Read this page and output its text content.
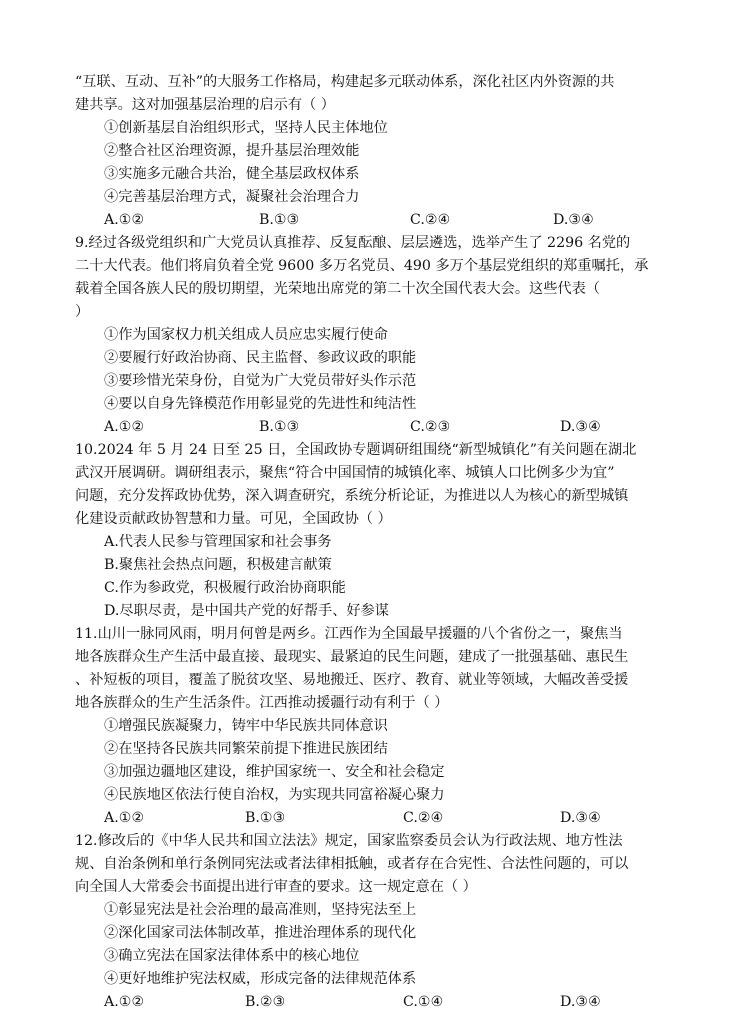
“互联、互动、互补”的大服务工作格局，构建起多元联动体系，深化社区内外资源的共
建共享。这对加强基层治理的启示有（ ）
①创新基层自治组织形式，坚持人民主体地位
②整合社区治理资源，提升基层治理效能
③实施多元融合共治，健全基层政权体系
④完善基层治理方式，凝聚社会治理合力
A.①②	B.①③	C.②④	D.③④
9.经过各级党组织和广大党员认真推荐、反复酝酿、层层遴选，选举产生了 2296 名党的
二十大代表。他们将肩负着全党 9600 多万名党员、490 多万个基层党组织的郑重嘱托，承
载着全国各族人民的殷切期望，光荣地出席党的第二十次全国代表大会。这些代表（
）
①作为国家权力机关组成人员应忠实履行使命
②要履行好政治协商、民主监督、参政议政的职能
③要珍惜光荣身份，自觉为广大党员带好头作示范
④要以自身先锋模范作用彰显党的先进性和纯洁性
A.①②	B.①③	C.②③	D.③④
10.2024 年 5 月 24 日至 25 日，全国政协专题调研组围绕“新型城镇化”有关问题在湖北
武汉开展调研。调研组表示，聚焦“符合中国国情的城镇化率、城镇人口比例多少为宜”
问题，充分发挥政协优势，深入调查研究，系统分析论证，为推进以人为核心的新型城镇
化建设贡献政协智慧和力量。可见，全国政协（ ）
A.代表人民参与管理国家和社会事务
B.聚焦社会热点问题，积极建言献策
C.作为参政党，积极履行政治协商职能
D.尽职尽责，是中国共产党的好帮手、好参谋
11.山川一脉同风雨，明月何曾是两乡。江西作为全国最早援疆的八个省份之一，聚焦当
地各族群众生产生活中最直接、最现实、最紧迫的民生问题，建成了一批强基础、惠民生
、补短板的项目，覆盖了脱贫攻坚、易地搬迁、医疗、教育、就业等领域，大幅改善受援
地各族群众的生产生活条件。江西推动援疆行动有利于（ ）
①增强民族凝聚力，铸牢中华民族共同体意识
②在坚持各民族共同繁荣前提下推进民族团结
③加强边疆地区建设，维护国家统一、安全和社会稳定
④民族地区依法行使自治权，为实现共同富裕凝心聚力
A.①②	B.①③	C.②④	D.③④
12.修改后的《中华人民共和国立法法》规定，国家监察委员会认为行政法规、地方性法
规、自治条例和单行条例同宪法或者法律相抵触，或者存在合宪性、合法性问题的，可以
向全国人大常委会书面提出进行审查的要求。这一规定意在（ ）
①彰显宪法是社会治理的最高准则，坚持宪法至上
②深化国家司法体制改革，推进治理体系的现代化
③确立宪法在国家法律体系中的核心地位
④更好地维护宪法权威，形成完备的法律规范体系
A.①②	B.②③	C.①④	D.③④
